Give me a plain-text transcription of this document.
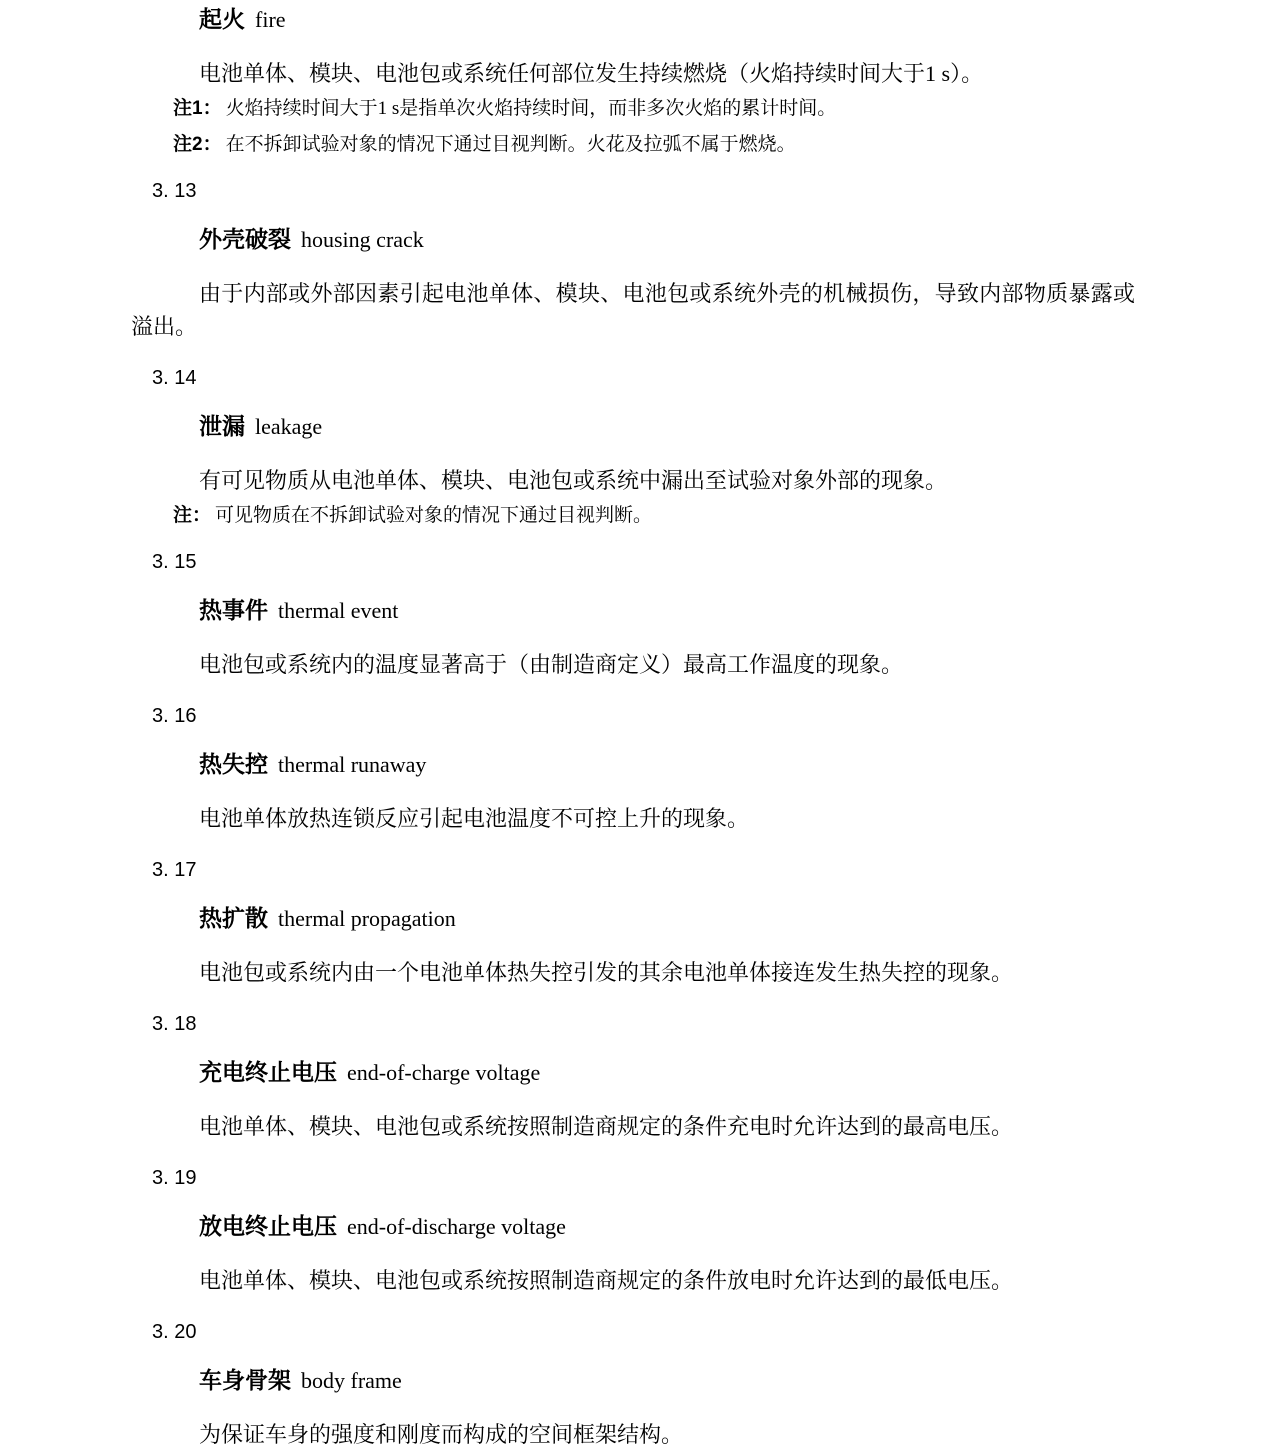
起火 fire

电池单体、模块、电池包或系统任何部位发生持续燃烧（火焰持续时间大于1 s）。

注1： 火焰持续时间大于1 s是指单次火焰持续时间，而非多次火焰的累计时间。
注2： 在不拆卸试验对象的情况下通过目视判断。火花及拉弧不属于燃烧。
3. 13
外壳破裂 housing crack

由于内部或外部因素引起电池单体、模块、电池包或系统外壳的机械损伤，导致内部物质暴露或溢出。

3. 14
泄漏 leakage

有可见物质从电池单体、模块、电池包或系统中漏出至试验对象外部的现象。

注： 可见物质在不拆卸试验对象的情况下通过目视判断。
3. 15
热事件 thermal event

电池包或系统内的温度显著高于（由制造商定义）最高工作温度的现象。

3. 16
热失控 thermal runaway

电池单体放热连锁反应引起电池温度不可控上升的现象。

3. 17
热扩散 thermal propagation

电池包或系统内由一个电池单体热失控引发的其余电池单体接连发生热失控的现象。

3. 18
充电终止电压 end-of-charge voltage

电池单体、模块、电池包或系统按照制造商规定的条件充电时允许达到的最高电压。

3. 19
放电终止电压 end-of-discharge voltage

电池单体、模块、电池包或系统按照制造商规定的条件放电时允许达到的最低电压。

3. 20
车身骨架 body frame

为保证车身的强度和刚度而构成的空间框架结构。
